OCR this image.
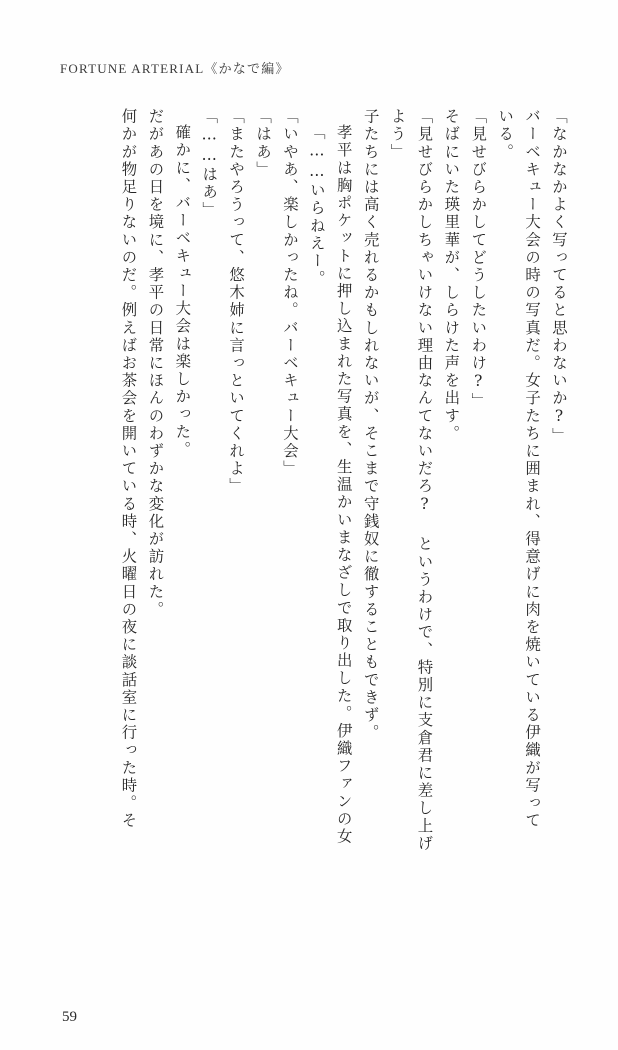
FORTUNE ARTERIAL《かなで編》
「なかなかよく写ってると思わないか?」
バーベキュー大会の時の写真だ。女子たちに囲まれ、得意げに肉を焼いている伊織が写って
いる。
「見せびらかしてどうしたいわけ?」
そばにいた瑛里華が、しらけた声を出す。
「見せびらかしちゃいけない理由なんてないだろ? というわけで、特別に支倉君に差し上げ
よう」
子たちには高く売れるかもしれないが、そこまで守銭奴に徹することもできず。
孝平は胸ポケットに押し込まれた写真を、生温かいまなざしで取り出した。伊織ファンの女
「……いらねえー。
「いやあ、楽しかったね。バーベキュー大会」
「はあ」
「またやろうって、悠木姉に言っといてくれよ」
「……はあ」
確かに、バーベキュー大会は楽しかった。
だがあの日を境に、孝平の日常にほんのわずかな変化が訪れた。
何かが物足りないのだ。例えばお茶会を開いている時、火曜日の夜に談話室に行った時。そ
59
